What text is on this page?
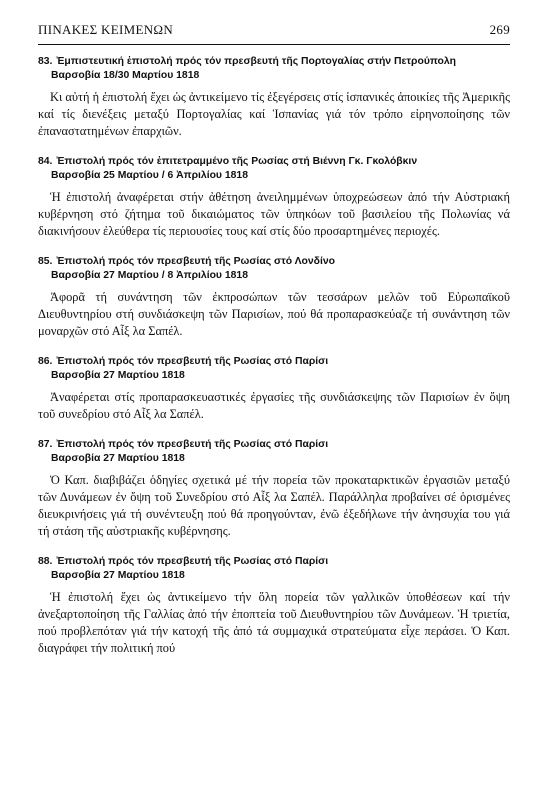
ΠΙΝΑΚΕΣ ΚΕΙΜΕΝΩΝ	269
83. Ἐμπιστευτική ἐπιστολή πρός τόν πρεσβευτή τῆς Πορτογαλίας στήν Πετρούπολη
Βαρσοβία 18/30 Μαρτίου 1818
Κι αὐτή ἡ ἐπιστολή ἔχει ὡς ἀντικείμενο τίς ἐξεγέρσεις στίς ἱσπανικές ἀποικίες τῆς Ἀμερικῆς καί τίς διενέξεις μεταξύ Πορτογαλίας καί Ἱσπανίας γιά τόν τρόπο εἰρηνοποίησης τῶν ἐπαναστατημένων ἐπαρχιῶν.
84. Ἐπιστολή πρός τόν ἐπιτετραμμένο τῆς Ρωσίας στή Βιέννη Γκ. Γκολόβκιν
Βαρσοβία 25 Μαρτίου / 6 Ἀπριλίου 1818
Ἡ ἐπιστολή ἀναφέρεται στήν ἀθέτηση ἀνειλημμένων ὑποχρεώσεων ἀπό τήν Αὐστριακή κυβέρνηση στό ζήτημα τοῦ δικαιώματος τῶν ὑπηκόων τοῦ βασιλείου τῆς Πολωνίας νά διακινήσουν ἐλεύθερα τίς περιουσίες τους καί στίς δύο προσαρτημένες περιοχές.
85. Ἐπιστολή πρός τόν πρεσβευτή τῆς Ρωσίας στό Λονδίνο
Βαρσοβία 27 Μαρτίου / 8 Ἀπριλίου 1818
Ἀφορᾶ τή συνάντηση τῶν ἐκπροσώπων τῶν τεσσάρων μελῶν τοῦ Εὐρωπαϊκοῦ Διευθυντηρίου στή συνδιάσκεψη τῶν Παρισίων, πού θά προπαρασκεύαζε τή συνάντηση τῶν μοναρχῶν στό Αἶξ λα Σαπέλ.
86. Ἐπιστολή πρός τόν πρεσβευτή τῆς Ρωσίας στό Παρίσι
Βαρσοβία 27 Μαρτίου 1818
Ἀναφέρεται στίς προπαρασκευαστικές ἐργασίες τῆς συνδιάσκεψης τῶν Παρισίων ἐν ὄψη τοῦ συνεδρίου στό Αἶξ λα Σαπέλ.
87. Ἐπιστολή πρός τόν πρεσβευτή τῆς Ρωσίας στό Παρίσι
Βαρσοβία 27 Μαρτίου 1818
Ὁ Καπ. διαβιβάζει ὁδηγίες σχετικά μέ τήν πορεία τῶν προκαταρκτικῶν ἐργασιῶν μεταξύ τῶν Δυνάμεων ἐν ὄψη τοῦ Συνεδρίου στό Αἶξ λα Σαπέλ. Παράλληλα προβαίνει σέ ὁρισμένες διευκρινήσεις γιά τή συνέντευξη πού θά προηγούνταν, ἐνῶ ἐξεδήλωνε τήν ἀνησυχία του γιά τή στάση τῆς αὐστριακῆς κυβέρνησης.
88. Ἐπιστολή πρός τόν πρεσβευτή τῆς Ρωσίας στό Παρίσι
Βαρσοβία 27 Μαρτίου 1818
Ἡ ἐπιστολή ἔχει ὡς ἀντικείμενο τήν ὅλη πορεία τῶν γαλλικῶν ὑποθέσεων καί τήν ἀνεξαρτοποίηση τῆς Γαλλίας ἀπό τήν ἐποπτεία τοῦ Διευθυντηρίου τῶν Δυνάμεων. Ἡ τριετία, πού προβλεπόταν γιά τήν κατοχή τῆς ἀπό τά συμμαχικά στρατεύματα εἶχε περάσει. Ὁ Καπ. διαγράφει τήν πολιτική πού
